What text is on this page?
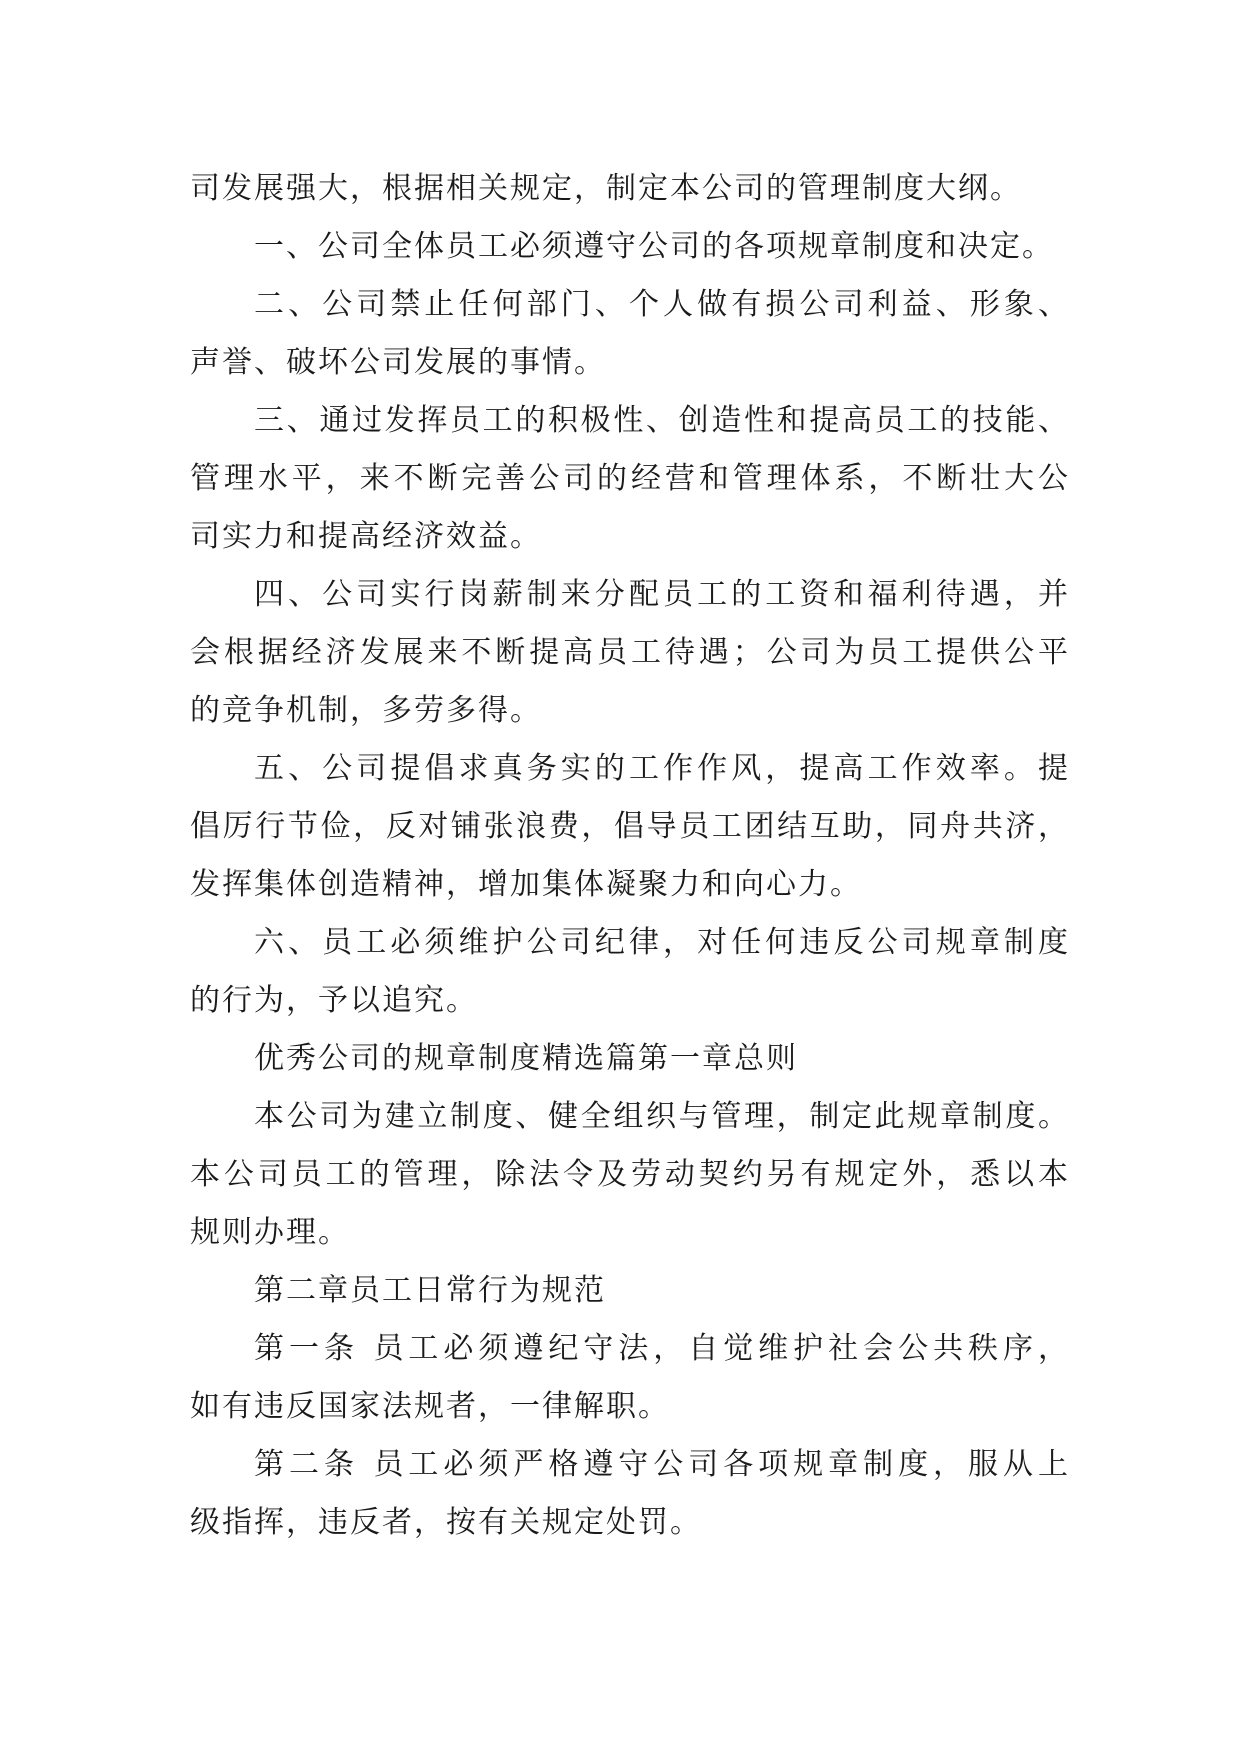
司发展强大，根据相关规定，制定本公司的管理制度大纲。
一、公司全体员工必须遵守公司的各项规章制度和决定。
二、公司禁止任何部门、个人做有损公司利益、形象、
声誉、破坏公司发展的事情。
三、通过发挥员工的积极性、创造性和提高员工的技能、
管理水平，来不断完善公司的经营和管理体系，不断壮大公
司实力和提高经济效益。
四、公司实行岗薪制来分配员工的工资和福利待遇，并
会根据经济发展来不断提高员工待遇；公司为员工提供公平
的竞争机制，多劳多得。
五、公司提倡求真务实的工作作风，提高工作效率。提
倡厉行节俭，反对铺张浪费，倡导员工团结互助，同舟共济，
发挥集体创造精神，增加集体凝聚力和向心力。
六、员工必须维护公司纪律，对任何违反公司规章制度
的行为，予以追究。
优秀公司的规章制度精选篇第一章总则
本公司为建立制度、健全组织与管理，制定此规章制度。
本公司员工的管理，除法令及劳动契约另有规定外，悉以本
规则办理。
第二章员工日常行为规范
第一条 员工必须遵纪守法，自觉维护社会公共秩序，
如有违反国家法规者，一律解职。
第二条 员工必须严格遵守公司各项规章制度，服从上
级指挥，违反者，按有关规定处罚。
